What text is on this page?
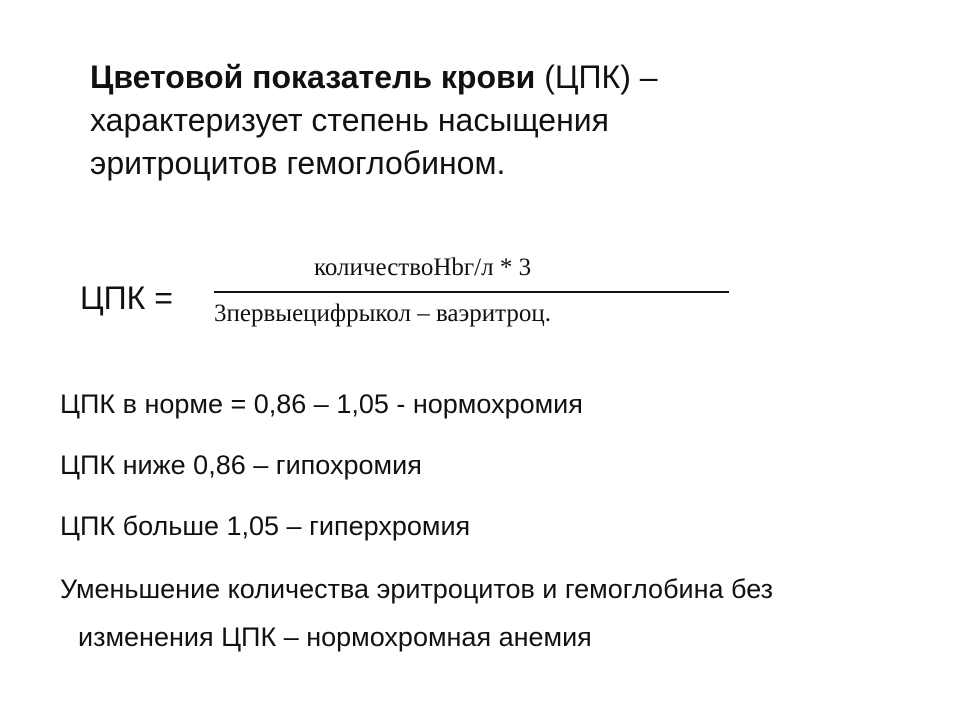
Цветовой показатель крови (ЦПК) –
характеризует степень насыщения
эритроцитов гемоглобином.
ЦПК =
количествоHbг/л * 3
3первыецифрыкол – ваэритроц.
ЦПК в норме = 0,86 – 1,05 - нормохромия
ЦПК ниже 0,86 – гипохромия
ЦПК больше 1,05 – гиперхромия
Уменьшение количества эритроцитов и гемоглобина без
изменения ЦПК – нормохромная анемия
